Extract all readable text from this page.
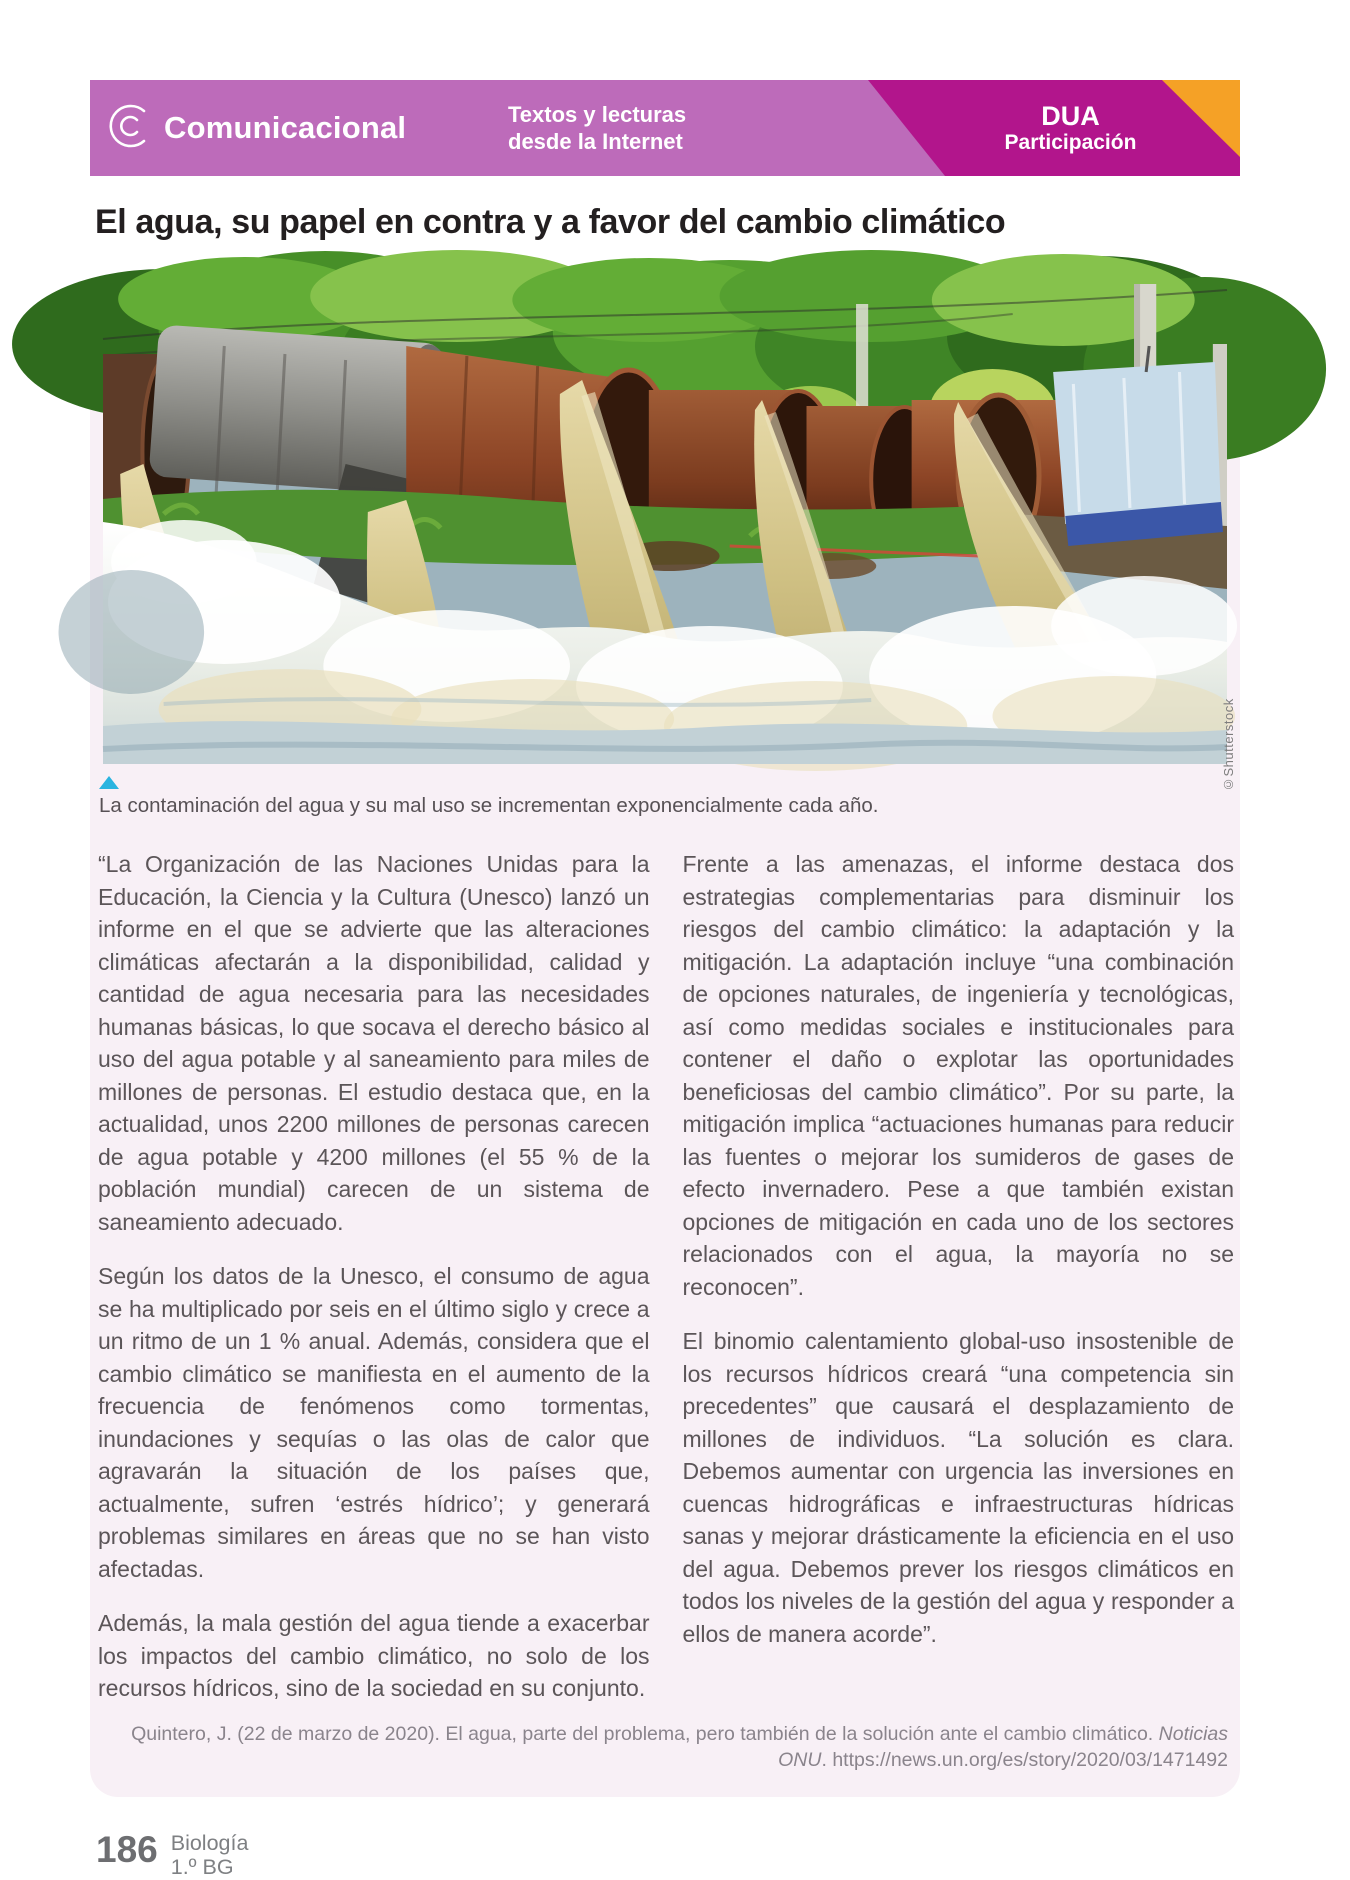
Comunicacional	Textos y lecturas
desde la Internet
DUA
Participación
El agua, su papel en contra y a favor del cambio climático
©Shutterstock
La contaminación del agua y su mal uso se incrementan exponencialmente cada año.

“La Organización de las Naciones Unidas para la Educación, la Ciencia y la Cultura (Unesco) lanzó un informe en el que se advierte que las alteraciones climáticas afectarán a la disponibilidad, calidad y cantidad de agua necesaria para las necesidades humanas básicas, lo que socava el derecho básico al uso del agua potable y al saneamiento para miles de millones de personas. El estudio destaca que, en la actualidad, unos 2200 millones de personas carecen de agua potable y 4200 millones (el 55 % de la población mundial) carecen de un sistema de saneamiento adecuado.

Según los datos de la Unesco, el consumo de agua se ha multiplicado por seis en el último siglo y crece a un ritmo de un 1 % anual. Además, considera que el cambio climático se manifiesta en el aumento de la frecuencia de fenómenos como tormentas, inundaciones y sequías o las olas de calor que agravarán la situación de los países que, actualmente, sufren ‘estrés hídrico’; y generará problemas similares en áreas que no se han visto afectadas.

Además, la mala gestión del agua tiende a exacerbar los impactos del cambio climático, no solo de los recursos hídricos, sino de la sociedad en su conjunto.

Frente a las amenazas, el informe destaca dos estrategias complementarias para disminuir los riesgos del cambio climático: la adaptación y la mitigación. La adaptación incluye “una combinación de opciones naturales, de ingeniería y tecnológicas, así como medidas sociales e institucionales para contener el daño o explotar las oportunidades beneficiosas del cambio climático”. Por su parte, la mitigación implica “actuaciones humanas para reducir las fuentes o mejorar los sumideros de gases de efecto invernadero. Pese a que también existan opciones de mitigación en cada uno de los sectores relacionados con el agua, la mayoría no se reconocen”.

El binomio calentamiento global-uso insostenible de los recursos hídricos creará “una competencia sin precedentes” que causará el desplazamiento de millones de individuos. “La solución es clara. Debemos aumentar con urgencia las inversiones en cuencas hidrográficas e infraestructuras hídricas sanas y mejorar drásticamente la eficiencia en el uso del agua. Debemos prever los riesgos climáticos en todos los niveles de la gestión del agua y responder a ellos de manera acorde”.

Quintero, J. (22 de marzo de 2020). El agua, parte del problema, pero también de la solución ante el cambio climático. Noticias ONU. https://news.un.org/es/story/2020/03/1471492

186 Biología
1.º BG
